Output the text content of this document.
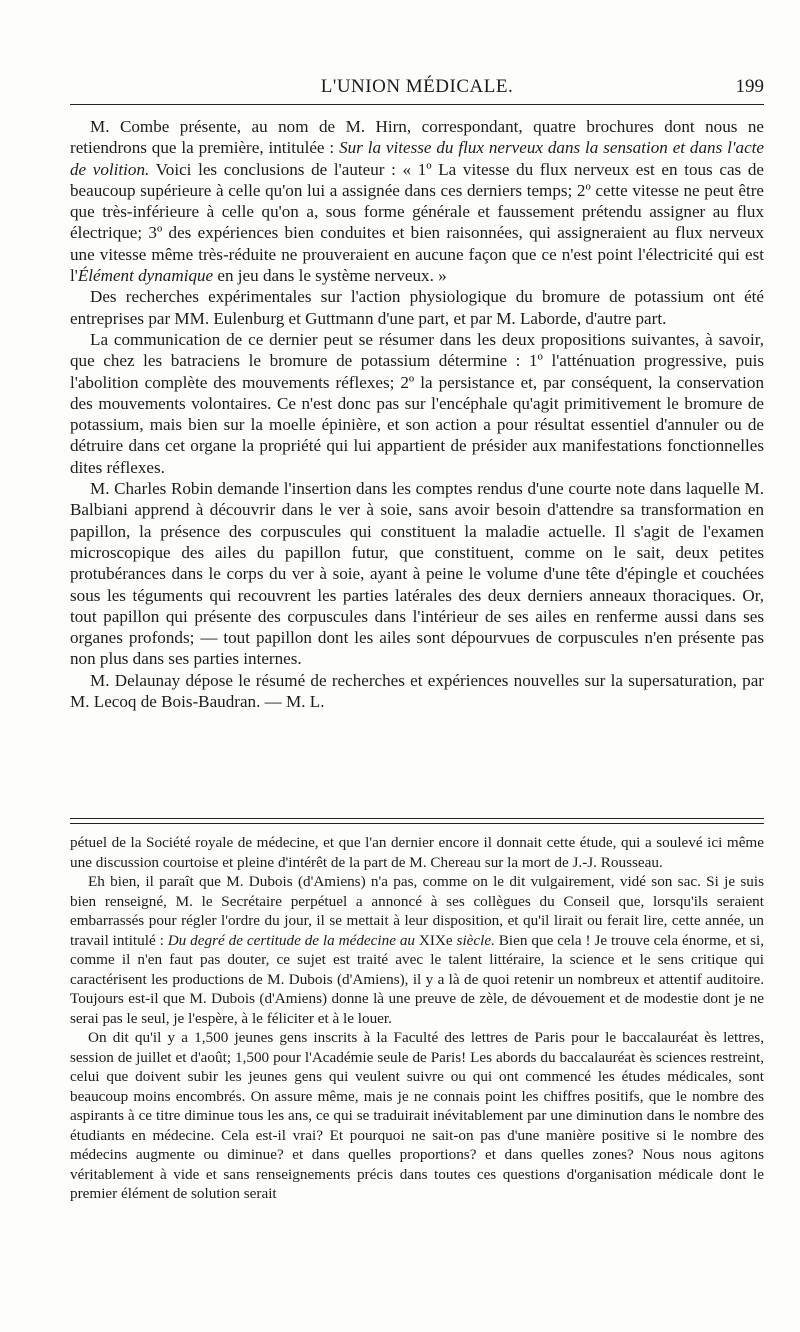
L'UNION MÉDICALE.	199

M. Combe présente, au nom de M. Hirn, correspondant, quatre brochures dont nous ne retiendrons que la première, intitulée : Sur la vitesse du flux nerveux dans la sensation et dans l'acte de volition. Voici les conclusions de l'auteur : « 1º La vitesse du flux nerveux est en tous cas de beaucoup supérieure à celle qu'on lui a assignée dans ces derniers temps; 2º cette vitesse ne peut être que très-inférieure à celle qu'on a, sous forme générale et faussement prétendu assigner au flux électrique; 3º des expériences bien conduites et bien raisonnées, qui assigneraient au flux nerveux une vitesse même très-réduite ne prouveraient en aucune façon que ce n'est point l'électricité qui est l'Élément dynamique en jeu dans le système nerveux. »

Des recherches expérimentales sur l'action physiologique du bromure de potassium ont été entreprises par MM. Eulenburg et Guttmann d'une part, et par M. Laborde, d'autre part.

La communication de ce dernier peut se résumer dans les deux propositions suivantes, à savoir, que chez les batraciens le bromure de potassium détermine : 1º l'atténuation progressive, puis l'abolition complète des mouvements réflexes; 2º la persistance et, par conséquent, la conservation des mouvements volontaires. Ce n'est donc pas sur l'encéphale qu'agit primitivement le bromure de potassium, mais bien sur la moelle épinière, et son action a pour résultat essentiel d'annuler ou de détruire dans cet organe la propriété qui lui appartient de présider aux manifestations fonctionnelles dites réflexes.

M. Charles Robin demande l'insertion dans les comptes rendus d'une courte note dans laquelle M. Balbiani apprend à découvrir dans le ver à soie, sans avoir besoin d'attendre sa transformation en papillon, la présence des corpuscules qui constituent la maladie actuelle. Il s'agit de l'examen microscopique des ailes du papillon futur, que constituent, comme on le sait, deux petites protubérances dans le corps du ver à soie, ayant à peine le volume d'une tête d'épingle et couchées sous les téguments qui recouvrent les parties latérales des deux derniers anneaux thoraciques. Or, tout papillon qui présente des corpuscules dans l'intérieur de ses ailes en renferme aussi dans ses organes profonds; — tout papillon dont les ailes sont dépourvues de corpuscules n'en présente pas non plus dans ses parties internes.

M. Delaunay dépose le résumé de recherches et expériences nouvelles sur la supersaturation, par M. Lecoq de Bois-Baudran. — M. L.

pétuel de la Société royale de médecine, et que l'an dernier encore il donnait cette étude, qui a soulevé ici même une discussion courtoise et pleine d'intérêt de la part de M. Chereau sur la mort de J.-J. Rousseau.

Eh bien, il paraît que M. Dubois (d'Amiens) n'a pas, comme on le dit vulgairement, vidé son sac. Si je suis bien renseigné, M. le Secrétaire perpétuel a annoncé à ses collègues du Conseil que, lorsqu'ils seraient embarrassés pour régler l'ordre du jour, il se mettait à leur disposition, et qu'il lirait ou ferait lire, cette année, un travail intitulé : Du degré de certitude de la médecine au XIXe siècle. Bien que cela ! Je trouve cela énorme, et si, comme il n'en faut pas douter, ce sujet est traité avec le talent littéraire, la science et le sens critique qui caractérisent les productions de M. Dubois (d'Amiens), il y a là de quoi retenir un nombreux et attentif auditoire. Toujours est-il que M. Dubois (d'Amiens) donne là une preuve de zèle, de dévouement et de modestie dont je ne serai pas le seul, je l'espère, à le féliciter et à le louer.

On dit qu'il y a 1,500 jeunes gens inscrits à la Faculté des lettres de Paris pour le baccalauréat ès lettres, session de juillet et d'août; 1,500 pour l'Académie seule de Paris! Les abords du baccalauréat ès sciences restreint, celui que doivent subir les jeunes gens qui veulent suivre ou qui ont commencé les études médicales, sont beaucoup moins encombrés. On assure même, mais je ne connais point les chiffres positifs, que le nombre des aspirants à ce titre diminue tous les ans, ce qui se traduirait inévitablement par une diminution dans le nombre des étudiants en médecine. Cela est-il vrai? Et pourquoi ne sait-on pas d'une manière positive si le nombre des médecins augmente ou diminue? et dans quelles proportions? et dans quelles zones? Nous nous agitons véritablement à vide et sans renseignements précis dans toutes ces questions d'organisation médicale dont le premier élément de solution serait
